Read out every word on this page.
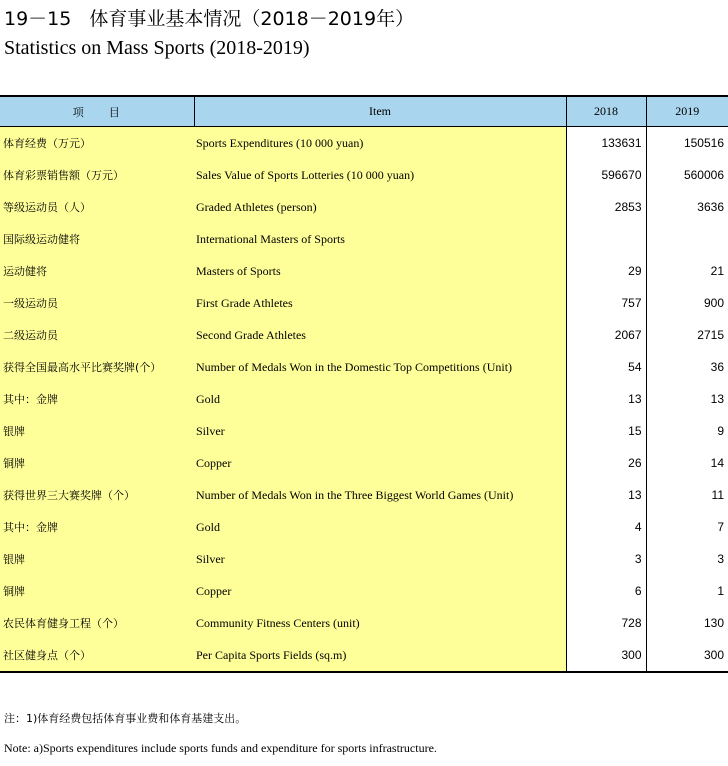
19－15 体育事业基本情况（2018－2019年）
Statistics on Mass Sports (2018-2019)
项　　目	Item	2018	2019
体育经费（万元）	Sports Expenditures (10 000 yuan)	133631	150516
体育彩票销售额（万元）	Sales Value of Sports Lotteries (10 000 yuan)	596670	560006
等级运动员（人）	Graded Athletes (person)	2853	3636
国际级运动健将	International Masters of Sports		
运动健将	Masters of Sports	29	21
一级运动员	First Grade Athletes	757	900
二级运动员	Second Grade Athletes	2067	2715
获得全国最高水平比赛奖牌(个）	Number of Medals Won in the Domestic Top Competitions (Unit)	54	36
其中：金牌	Gold	13	13
银牌	Silver	15	9
铜牌	Copper	26	14
获得世界三大赛奖牌（个）	Number of Medals Won in the Three Biggest World Games (Unit)	13	11
其中：金牌	Gold	4	7
银牌	Silver	3	3
铜牌	Copper	6	1
农民体育健身工程（个）	Community Fitness Centers (unit)	728	130
社区健身点（个）	Per Capita Sports Fields (sq.m)	300	300
注：1)体育经费包括体育事业费和体育基建支出。
Note: a)Sports expenditures include sports funds and expenditure for sports infrastructure.
